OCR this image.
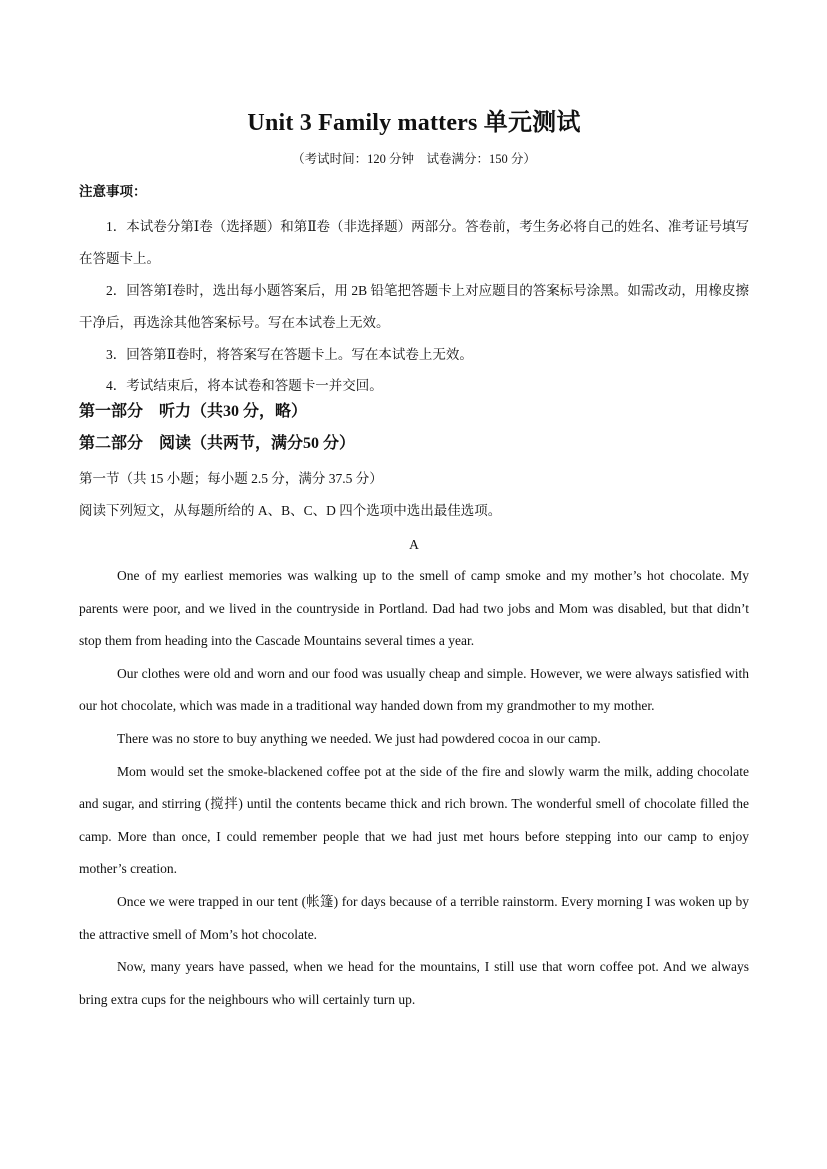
Unit 3 Family matters 单元测试
（考试时间：120 分钟　试卷满分：150 分）
注意事项：

1．本试卷分第Ⅰ卷（选择题）和第Ⅱ卷（非选择题）两部分。答卷前，考生务必将自己的姓名、准考证号填写在答题卡上。

2．回答第Ⅰ卷时，选出每小题答案后，用 2B 铅笔把答题卡上对应题目的答案标号涂黑。如需改动，用橡皮擦干净后，再选涂其他答案标号。写在本试卷上无效。

3．回答第Ⅱ卷时，将答案写在答题卡上。写在本试卷上无效。

4．考试结束后，将本试卷和答题卡一并交回。

第一部分　听力（共30 分，略）
第二部分　阅读（共两节，满分50 分）
第一节（共 15 小题；每小题 2.5 分，满分 37.5 分）
阅读下列短文，从每题所给的 A、B、C、D 四个选项中选出最佳选项。
A

One of my earliest memories was walking up to the smell of camp smoke and my mother’s hot chocolate. My parents were poor, and we lived in the countryside in Portland. Dad had two jobs and Mom was disabled, but that didn’t stop them from heading into the Cascade Mountains several times a year.

Our clothes were old and worn and our food was usually cheap and simple. However, we were always satisfied with our hot chocolate, which was made in a traditional way handed down from my grandmother to my mother.

There was no store to buy anything we needed. We just had powdered cocoa in our camp.

Mom would set the smoke-blackened coffee pot at the side of the fire and slowly warm the milk, adding chocolate and sugar, and stirring (搅拌) until the contents became thick and rich brown. The wonderful smell of chocolate filled the camp. More than once, I could remember people that we had just met hours before stepping into our camp to enjoy mother’s creation.

Once we were trapped in our tent (帐篷) for days because of a terrible rainstorm. Every morning I was woken up by the attractive smell of Mom’s hot chocolate.

Now, many years have passed, when we head for the mountains, I still use that worn coffee pot. And we always bring extra cups for the neighbours who will certainly turn up.
